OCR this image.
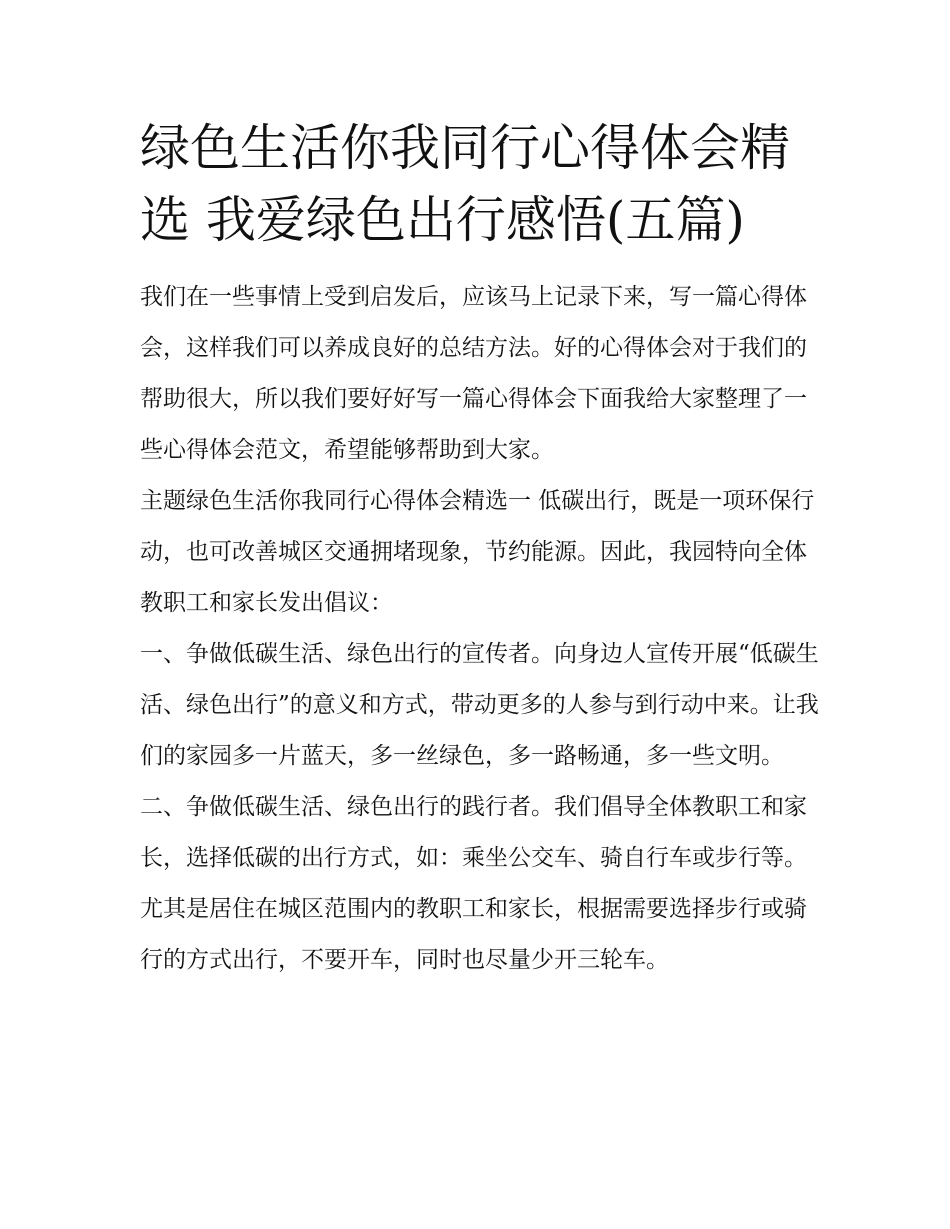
绿色生活你我同行心得体会精选 我爱绿色出行感悟(五篇)

我们在一些事情上受到启发后，应该马上记录下来，写一篇心得体会，这样我们可以养成良好的总结方法。好的心得体会对于我们的帮助很大，所以我们要好好写一篇心得体会下面我给大家整理了一些心得体会范文，希望能够帮助到大家。

主题绿色生活你我同行心得体会精选一 低碳出行，既是一项环保行动，也可改善城区交通拥堵现象，节约能源。因此，我园特向全体教职工和家长发出倡议：

一、争做低碳生活、绿色出行的宣传者。向身边人宣传开展“低碳生活、绿色出行”的意义和方式，带动更多的人参与到行动中来。让我们的家园多一片蓝天，多一丝绿色，多一路畅通，多一些文明。

二、争做低碳生活、绿色出行的践行者。我们倡导全体教职工和家长，选择低碳的出行方式，如：乘坐公交车、骑自行车或步行等。尤其是居住在城区范围内的教职工和家长，根据需要选择步行或骑行的方式出行，不要开车，同时也尽量少开三轮车。
